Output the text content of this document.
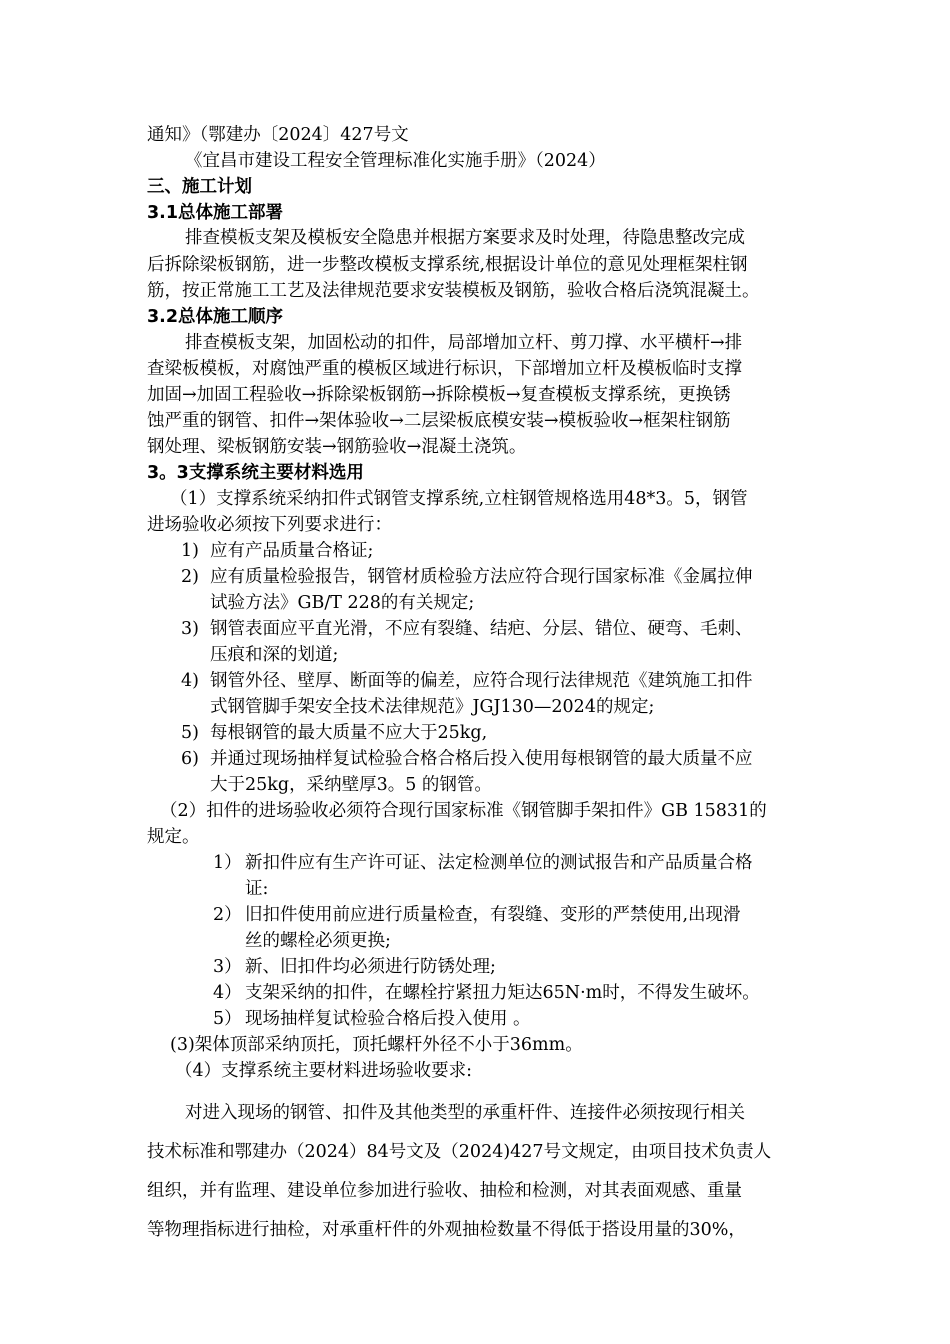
通知》（鄂建办〔2024〕427号文
《宜昌市建设工程安全管理标准化实施手册》（2024）
三、施工计划
3.1总体施工部署
排查模板支架及模板安全隐患并根据方案要求及时处理，待隐患整改完成
后拆除梁板钢筋，进一步整改模板支撑系统,根据设计单位的意见处理框架柱钢
筋，按正常施工工艺及法律规范要求安装模板及钢筋，验收合格后浇筑混凝土。
3.2总体施工顺序
排查模板支架，加固松动的扣件，局部增加立杆、剪刀撑、水平横杆→排
查梁板模板，对腐蚀严重的模板区域进行标识，下部增加立杆及模板临时支撑
加固→加固工程验收→拆除梁板钢筋→拆除模板→复查模板支撑系统，更换锈
蚀严重的钢管、扣件→架体验收→二层梁板底模安装→模板验收→框架柱钢筋
钢处理、梁板钢筋安装→钢筋验收→混凝土浇筑。
3。3支撑系统主要材料选用
（1）支撑系统采纳扣件式钢管支撑系统,立柱钢管规格选用48*3。5，钢管
进场验收必须按下列要求进行：
1) 应有产品质量合格证;
2) 应有质量检验报告，钢管材质检验方法应符合现行国家标准《金属拉伸
试验方法》GB/T 228的有关规定;
3) 钢管表面应平直光滑，不应有裂缝、结疤、分层、错位、硬弯、毛刺、
压痕和深的划道;
4) 钢管外径、壁厚、断面等的偏差，应符合现行法律规范《建筑施工扣件
式钢管脚手架安全技术法律规范》JGJ130—2024的规定;
5) 每根钢管的最大质量不应大于25kg,
6) 并通过现场抽样复试检验合格合格后投入使用每根钢管的最大质量不应
大于25kg，采纳壁厚3。5 的钢管。
（2）扣件的进场验收必须符合现行国家标准《钢管脚手架扣件》GB 15831的
规定。
1） 新扣件应有生产许可证、法定检测单位的测试报告和产品质量合格
证:
2） 旧扣件使用前应进行质量检查，有裂缝、变形的严禁使用,出现滑
丝的螺栓必须更换;
3） 新、旧扣件均必须进行防锈处理;
4） 支架采纳的扣件，在螺栓拧紧扭力矩达65N·m时，不得发生破坏。
5） 现场抽样复试检验合格后投入使用 。
(3)架体顶部采纳顶托，顶托螺杆外径不小于36mm。
（4）支撑系统主要材料进场验收要求:
对进入现场的钢管、扣件及其他类型的承重杆件、连接件必须按现行相关
技术标准和鄂建办（2024）84号文及（2024)427号文规定，由项目技术负责人
组织，并有监理、建设单位参加进行验收、抽检和检测，对其表面观感、重量
等物理指标进行抽检，对承重杆件的外观抽检数量不得低于搭设用量的30%，
